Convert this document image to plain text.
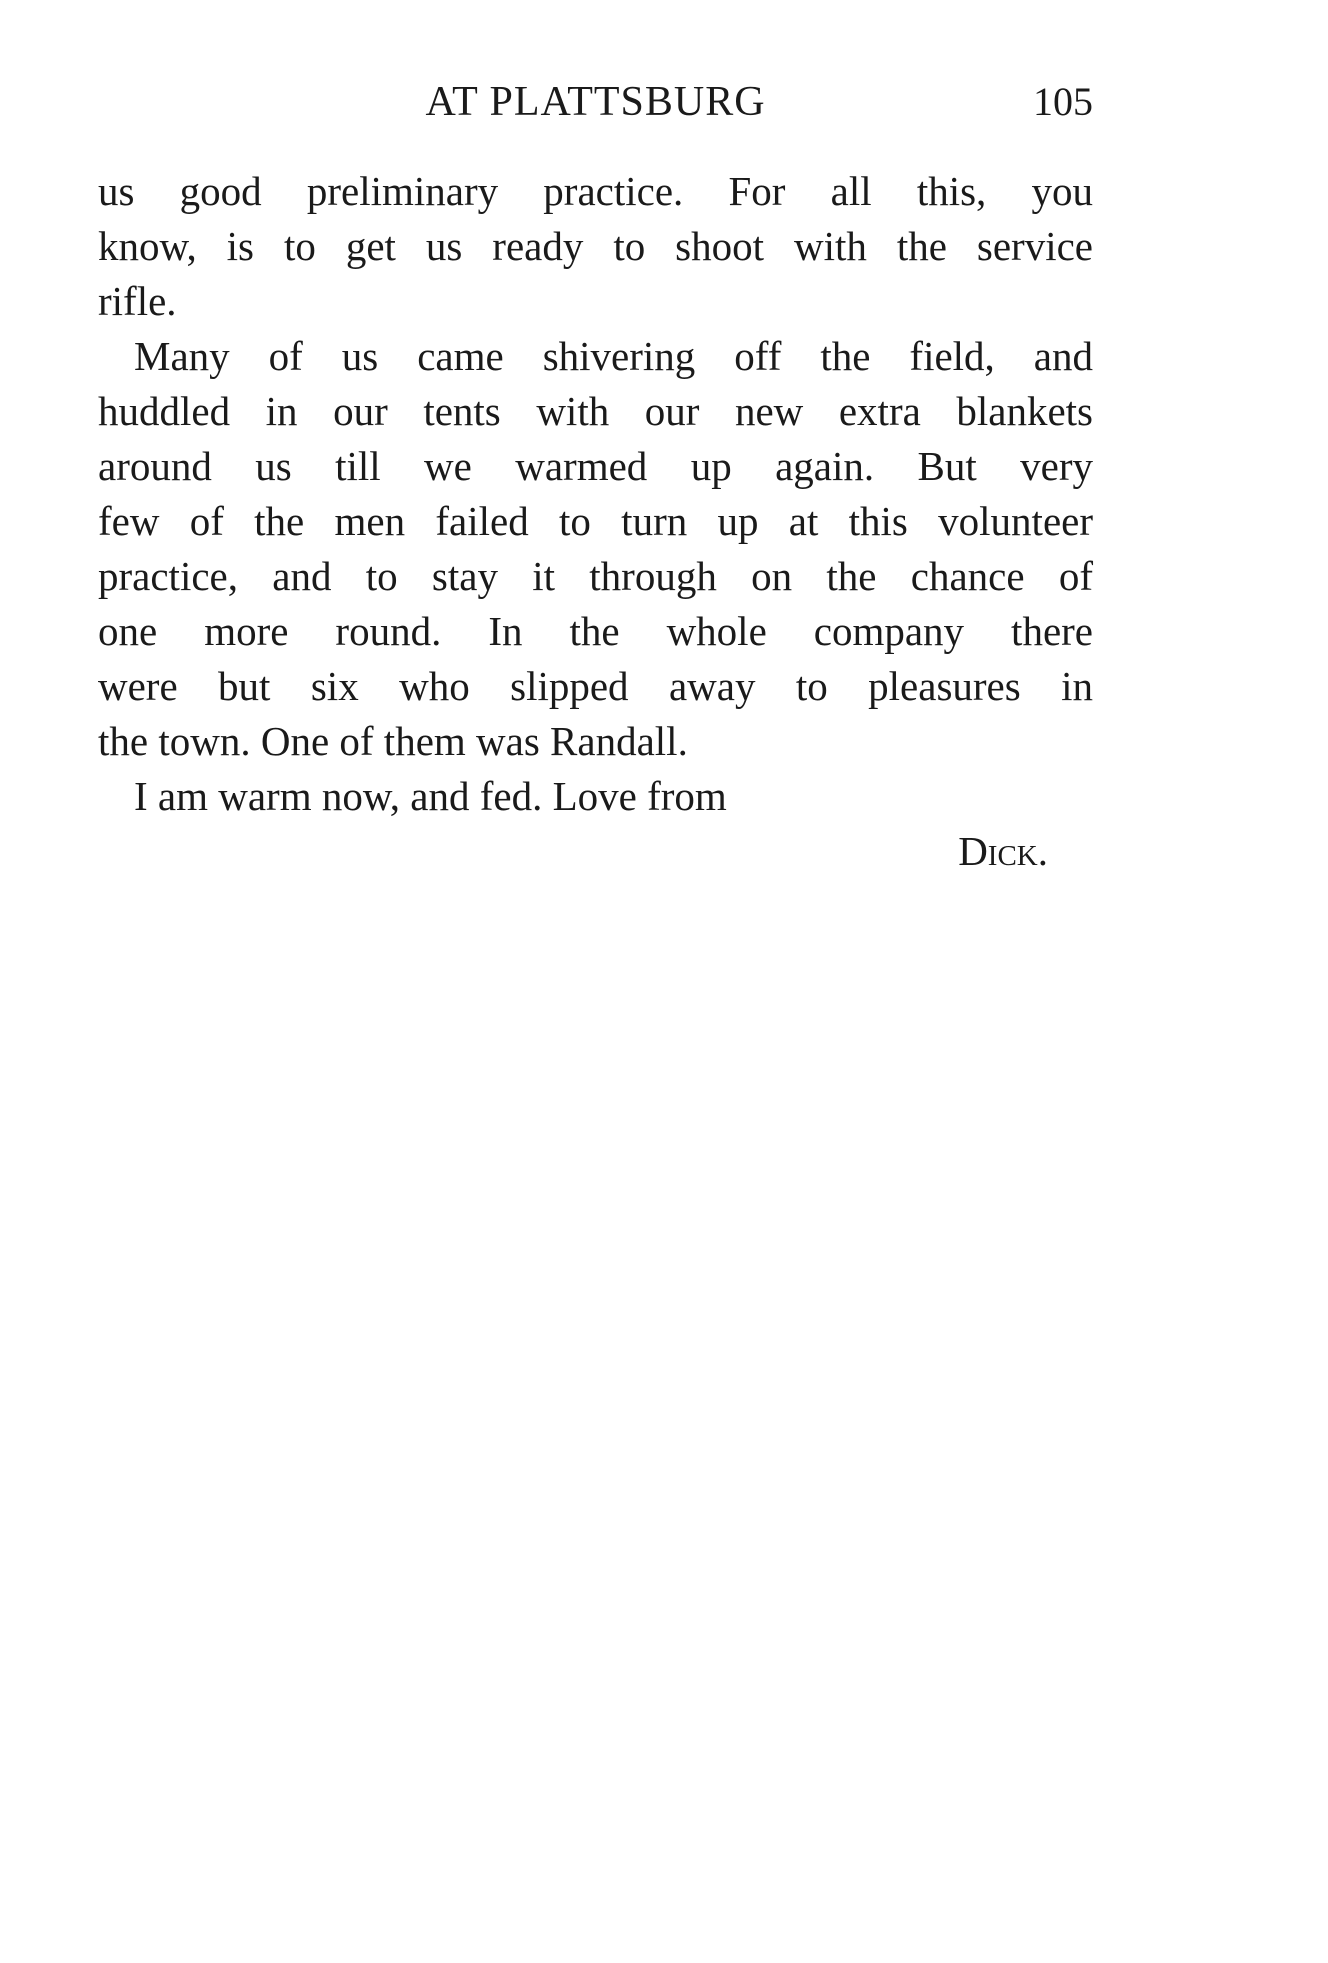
AT PLATTSBURG	105
us good preliminary practice. For all this, you
know, is to get us ready to shoot with the service
rifle.
Many of us came shivering off the field, and
huddled in our tents with our new extra blankets
around us till we warmed up again. But very
few of the men failed to turn up at this volunteer
practice, and to stay it through on the chance of
one more round. In the whole company there
were but six who slipped away to pleasures in
the town. One of them was Randall.
I am warm now, and fed. Love from
Dick.
